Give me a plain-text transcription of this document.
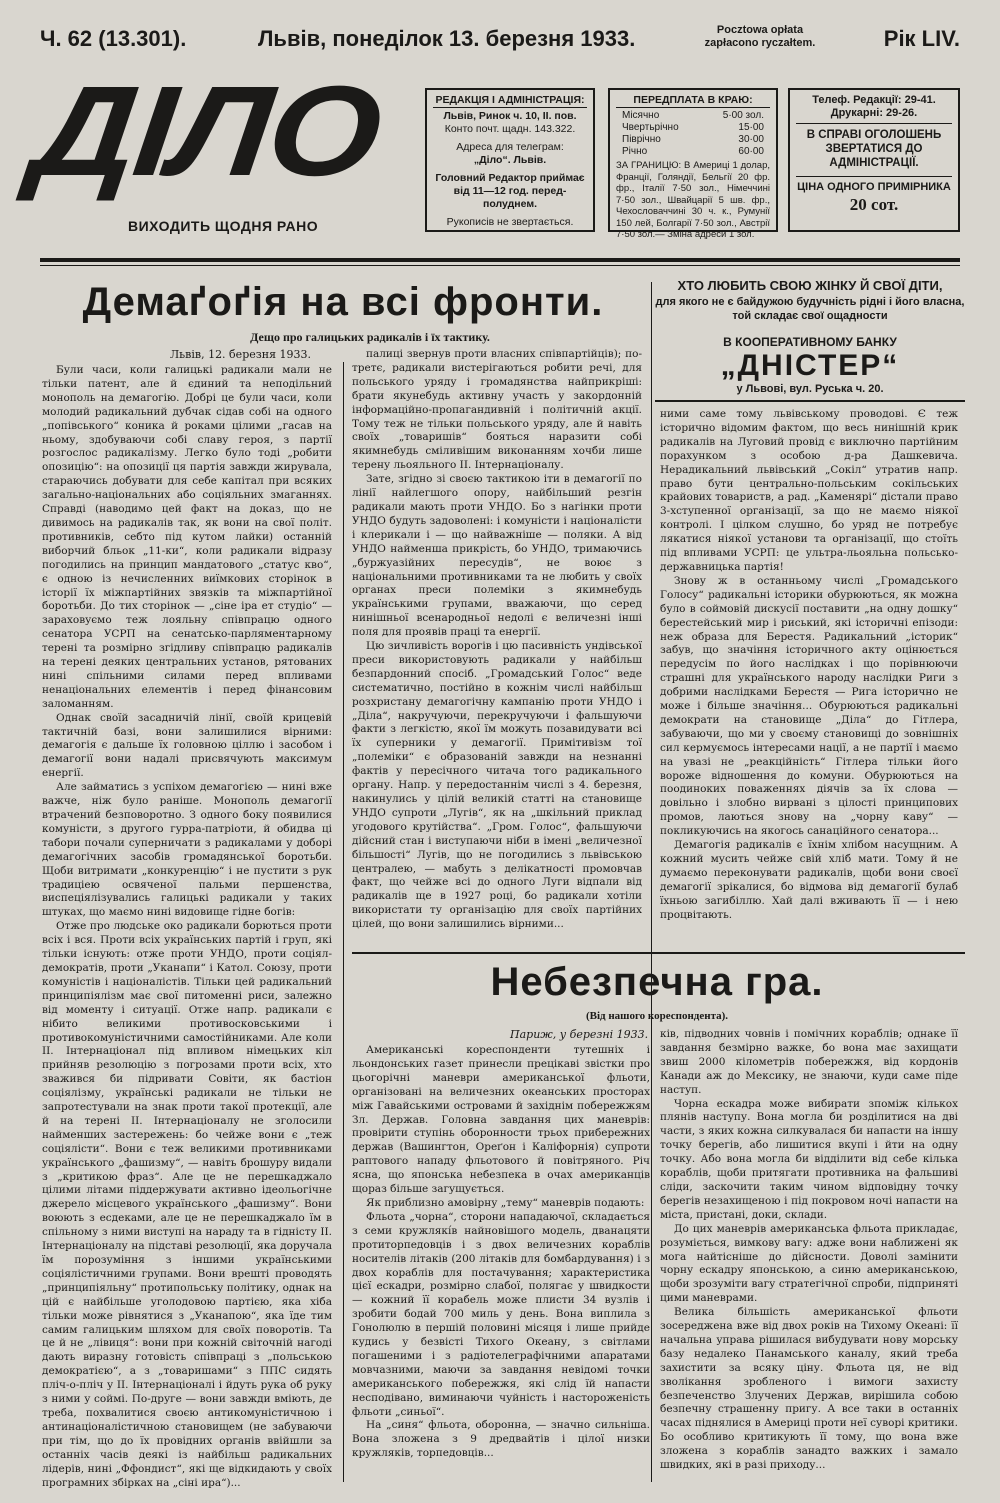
Ч. 62 (13.301).	Львів, понеділок 13. березня 1933.	Poczt​owa opłata
zapłacono ryczałtem.	Рік LIV.
ДІЛО
ВИХОДИТЬ ЩОДНЯ РАНО
РЕДАКЦІЯ І АДМІНІСТРАЦІЯ:
Львів, Ринок ч. 10, II. пов.
Конто почт. щадн. 143.322.
Адреса для телеграм:
„Діло“. Львів.
Головний Редактор приймає від 11—12 год. перед-полуднем.
Рукописів не звертається.
ПЕРЕДПЛАТА В КРАЮ:
Місячно	5·00 зол.
Чвертьрічно	15·00
Піврічно	30·00
Річно	60·00
ЗА ГРАНИЦЮ: В Америці 1 долар, Франції, Голяндії, Бельгії 20 фр. фр., Італії 7·50 зол., Німеччині 7·50 зол., Швайцарії 5 шв. фр., Чехословаччині 30 ч. к., Румунії 150 лей, Болгарії 7·50 зол., Австрії 7·50 зол.— Зміна адреси 1 зол.
Телеф. Редакції: 29-41.
Друкарні: 29-26.
В СПРАВІ ОГОЛОШЕНЬ ЗВЕРТАТИСЯ ДО АДМІНІСТРАЦІЇ.
ЦІНА ОДНОГО ПРИМІРНИКА
20 сот.
Демаґоґія на всі фронти.
Дещо про галицьких радикалів і їх тактику.
Львів, 12. березня 1933.

Були часи, коли галицькі радикали мали не тільки патент, але й єдиний та неподільний монополь на демагогію. Добрі це були часи, коли молодий радикальний дубчак сідав собі на одного „попівського“ коника й роками цілими „гасав на ньому, здобуваючи собі славу героя, з партії розгослос радикалізму. Легко було тоді „робити опозицію“: на опозиції ця партія завжди жирувала, стараючись добувати для себе капітал при всяких загально-національних або соціяльних змаганнях. Справді (наводимо цей факт на доказ, що не дивимось на радикалів так, як вони на свої політ. противників, себто під кутом лайки) останній виборчий бльок „11-ки“, коли радикали відразу погодились на принцип мандатового „статус кво“, є одною із нечисленних виїмкових сторінок в історії їх міжпартійних звязків та міжпартійної боротьби. До тих сторінок — „сіне іра ет студіо“ — зараховуємо теж лояльну співпрацю одного сенатора УСРП на сенатсько-парляментарному терені та розмірно згідливу співпрацю радикалів на терені деяких центральних установ, рятованих нині спільними силами перед впливами ненаціональних елементів і перед фінансовим заломанням.

Однак своїй засадничій лінії, своїй крицевій тактичній базі, вони залишилися вірними: демагогія є дальше їх головною ціллю і засобом і демагогії вони надалі присвячують максимум енергії.

Але займатись з успіхом демагогією — нині вже важче, ніж було раніше. Монополь демагогії втрачений безповоротно. З одного боку появилися комуністи, з другого гурра-патріоти, й обидва ці табори почали суперничати з радикалами у доборі демагогічних засобів громадянської боротьби. Щоби витримати „конкуренцію“ і не пустити з рук традиціею освяченої пальми першенства, виспеціялізувались галицькі радикали у таких штуках, що маємо нині видовище гідне богів:

Отже про людське око радикали борються проти всіх і вся. Проти всіх українських партій і груп, які тільки існують: отже проти УНДО, проти соціял-демократів, проти „Уканапи“ і Катол. Союзу, проти комуністів і націоналістів. Тільки цей радикальний принципіялізм має свої питоменні риси, залежно від моменту і ситуації. Отже напр. радикали є нібито великими противосковськими і противокомуністичними самостійниками. Але коли II. Інтернаціонал під впливом німецьких кіл прийняв резолюцію з погрозами проти всіх, хто зважився би підривати Совіти, як бастіон соціялізму, українські радикали не тільки не запротестували на знак проти такої протекції, але й на терені II. Інтернаціоналу не зголосили найменших застережень: бо чейже вони є „теж соціялісти“. Вони є теж великими противниками українського „фашизму“, — навіть брошуру видали з „критикою фраз“. Але це не перешкаджало цілими літами піддержувати активно ідеольогічне джерело місцевого українського „фашизму“. Вони воюють з есдеками, але це не перешкаджало їм в спільному з ними виступі на нараду та в гідністу II. Інтернаціоналу на підставі резолюції, яка доручала їм порозуміння з іншими українськими соціялістичними групами. Вони врешті проводять „принципіяльну“ протипольську політику, однак на цій є найбільше уголодовою партією, яка хіба тільки може рівнятися з „Уканапою“, яка їде тим самим галицьким шляхом для своїх поворотів. Та це й не „лівиця“: вони при кожній світочній нагоді дають виразну готовість співпраці з „польською демократією“, а з „товаришами“ з ППС сидять пліч-о-пліч у II. Інтернаціоналі і йдуть рука об руку з ними у соймі. По-друге — вони завжди вміють, де треба, похвалитися своєю антикомуністичною і антинаціоналістичною становищем (не забуваючи при тім, що до їх провідних органів ввійшли за останніх часів деякі із найбільш радикальних лідерів, нині „Ффондист“, які ще відкидають у своїх програмних збірках на „сіні ира“)...

палиці звернув проти власних співпартійців); по-третє, радикали вистерігаються робити речі, для польського уряду і громадянства найприкріші: брати якунебудь активну участь у закордонній інформаційно-пропагандивній і політичній акції. Тому теж не тільки польського уряду, але й навіть своїх „товаришів“ бояться наразити собі якимнебудь сміливішим виконанням хочби лише терену льояльного II. Інтернаціоналу.

Зате, згідно зі своєю тактикою іти в демагогії по лінії найлегшого опору, найбільший резгін радикали мають проти УНДО. Бо з нагінки проти УНДО будуть задоволені: і комуністи і націоналісти і клерикали і — що найважніше — поляки. А від УНДО найменша прикрість, бо УНДО, тримаючись „буржуазійних пересудів“, не воює з національними противниками та не любить у своїх органах преси полеміки з якимнебудь українськими групами, вважаючи, що серед нинішньої всенародньої недолі є величезні інші поля для проявів праці та енергії.

Цю зичливість ворогів і цю пасивність ундівської преси використовують радикали у найбільш безпардонний спосіб. „Громадський Голос“ веде систематично, постійно в кожнім числі найбільш розхристану демагогічну кампанію проти УНДО і „Діла“, накручуючи, перекручуючи і фальшуючи факти з легкістю, якої їм можуть позавидувати всі їх суперники у демагогії. Примітивізм тої „полеміки“ є образованій завжди на незнанні фактів у пересічного читача того радикального органу. Напр. у передостаннім числі з 4. березня, накинулись у цілій великій статті на становище УНДО супроти „Лугів“, як на „шкільний приклад угодового крутійства“. „Гром. Голос“, фальшуючи дійсний стан і виступаючи ніби в імені „величезної більшості“ Лугів, що не погодились з львівською централею, — мабуть з делікатності промовчав факт, що чейже всі до одного Луги відпали від радикалів ще в 1927 році, бо радикали хотіли використати ту організацію для своїх партійних цілей, що вони залишились вірними...

ХТО ЛЮБИТЬ СВОЮ ЖІНКУ Й СВОЇ ДІТИ,
для якого не є байдужою будучність рідні і його власна, той складає свої ощадности
В КООПЕРАТИВНОМУ БАНКУ
„ДНІСТЕР“
у Львові, вул. Руська ч. 20.

ними саме тому львівському проводові. Є теж історично відомим фактом, що весь нинішній крик радикалів на Луговий провід є виключно партійним порахунком з особою д-ра Дашкевича. Нерадикальний львівський „Сокіл“ утратив напр. право бути центрально-польським сокільських крайових товариств, а рад. „Каменярі“ дістали право 3-хступенної організації, за що не маємо ніякої контролі. І цілком слушно, бо уряд не потребує лякатися ніякої установи та організації, що стоїть під впливами УСРП: це ультра-льояльна польсько-державницька партія!

Знову ж в останньому числі „Громадського Голосу“ радикальні історики обурюються, як можна було в соймовій дискусії поставити „на одну дошку“ берестейський мир і риський, які історичні епізоди: неж образа для Берестя. Радикальний „історик“ забув, що значіння історичного акту оцінюється передусім по його наслідках і що порівнюючи страшні для українського народу наслідки Риги з добрими наслідками Берестя — Рига історично не може і більше значіння... Обурюються радикальні демократи на становище „Діла“ до Гітлера, забуваючи, що ми у своєму становищі до зовнішніх сил кермуємось інтересами нації, а не партії і маємо на увазі не „реакційність“ Гітлера тільки його вороже відношення до комуни. Обурюються на поодиноких поваженнях діячів за їх слова — довільно і злобно вирвані з цілості принципових промов, лаються знову на „чорну каву“ — покликуючись на якогось санаційного сенатора...

Демагогія радикалів є їхнім хлібом насущним. А кожний мусить чейже свій хліб мати. Тому й не думаємо переконувати радикалів, щоби вони своєї демагогії зрікалися, бо відмова від демагогії булаб їхньою загибіллю. Хай далі вживають її — і нею процвітають.

Небезпечна гра.
(Від нашого кореспондента).
Париж, у березні 1933.

Американські кореспонденти тутешніх і льондонських газет принесли прецікаві звістки про цьогорічні маневри американської фльоти, організовані на величезних океанських просторах між Гавайськими островами й західнім побережжям Зл. Держав. Головна завдання цих маневрів: провірити ступінь оборонности трьох прибережних держав (Вашингтон, Ореґон і Каліфорнія) супроти раптового нападу фльотового й повітряного. Річ ясна, що японська небезпека в очах американців щораз більше загущується.

Як приблизно амовірну „тему“ маневрів подають:

Фльота „чорна“, сторони нападаючої, складається з семи кружлякі́в найновішого модель, дванацяти протиторпедовців і з двох величезних кораблів носителів літаків (200 літаків для бомбардування) і з двох кораблів для постачування; характеристика цієї ескадри, розмірно слабої, полягає у швидкости — кожний її корабель може плисти 34 вузлів і зробити бодай 700 миль у день. Вона виплила з Гонолюлю в першій половині місяця і лише прийде кудись у безвісті Тихого Океану, з світлами погашеними і з радіотелеграфічними апаратами мовчазними, маючи за завдання невідомі точки американського побережжя, які слід їй напасти несподівано, виминаючи чуйність і настороженість фльоти „синьої“.

На „синя“ фльота, оборонна, — значно сильніша. Вона зложена з 9 дредвайтів і цілої низки кружляків, торпедовців...

ків, підводних човнів і помічних кораблів; однаке її завдання безмірно важке, бо вона має захищати звиш 2000 кілометрів побережжя, від кордонів Канади аж до Мексику, не знаючи, куди саме піде наступ.

Чорна ескадра може вибирати зпоміж кількох плянів наступу. Вона могла би розділитися на дві части, з яких кожна силкувалася би напасти на іншу точку берегів, або лишитися вкупі і йти на одну точку. Або вона могла би відділити від себе кілька кораблів, щоби притягати противника на фальшиві сліди, заскочити таким чином відповідну точку берегів незахищеною і під покровом ночі напасти на міста, пристані, доки, склади.

До цих маневрів американська фльота прикладає, розуміється, вимкову вагу: адже вони наближені як мога найтісніше до дійсности. Доволі замінити чорну ескадру японською, а синю американською, щоби зрозуміти вагу стратегічної спроби, підприняті цими маневрами.

Велика більшість американської фльоти зосереджена вже від двох років на Тихому Океані: її начальна управа рішилася вибудувати нову морську базу недалеко Панамського каналу, який треба захистити за всяку ціну. Фльота ця, не від зволікання зробленого і вимоги захисту безпеченство Злучених Держав, вирішила собою безпечну страшенну пригу. А все таки в останніх часах піднялися в Америці проти неї суворі критики. Бо особливо критикують її тому, що вона вже зложена з кораблів занадто важких і замало швидких, які в разі приходу...
